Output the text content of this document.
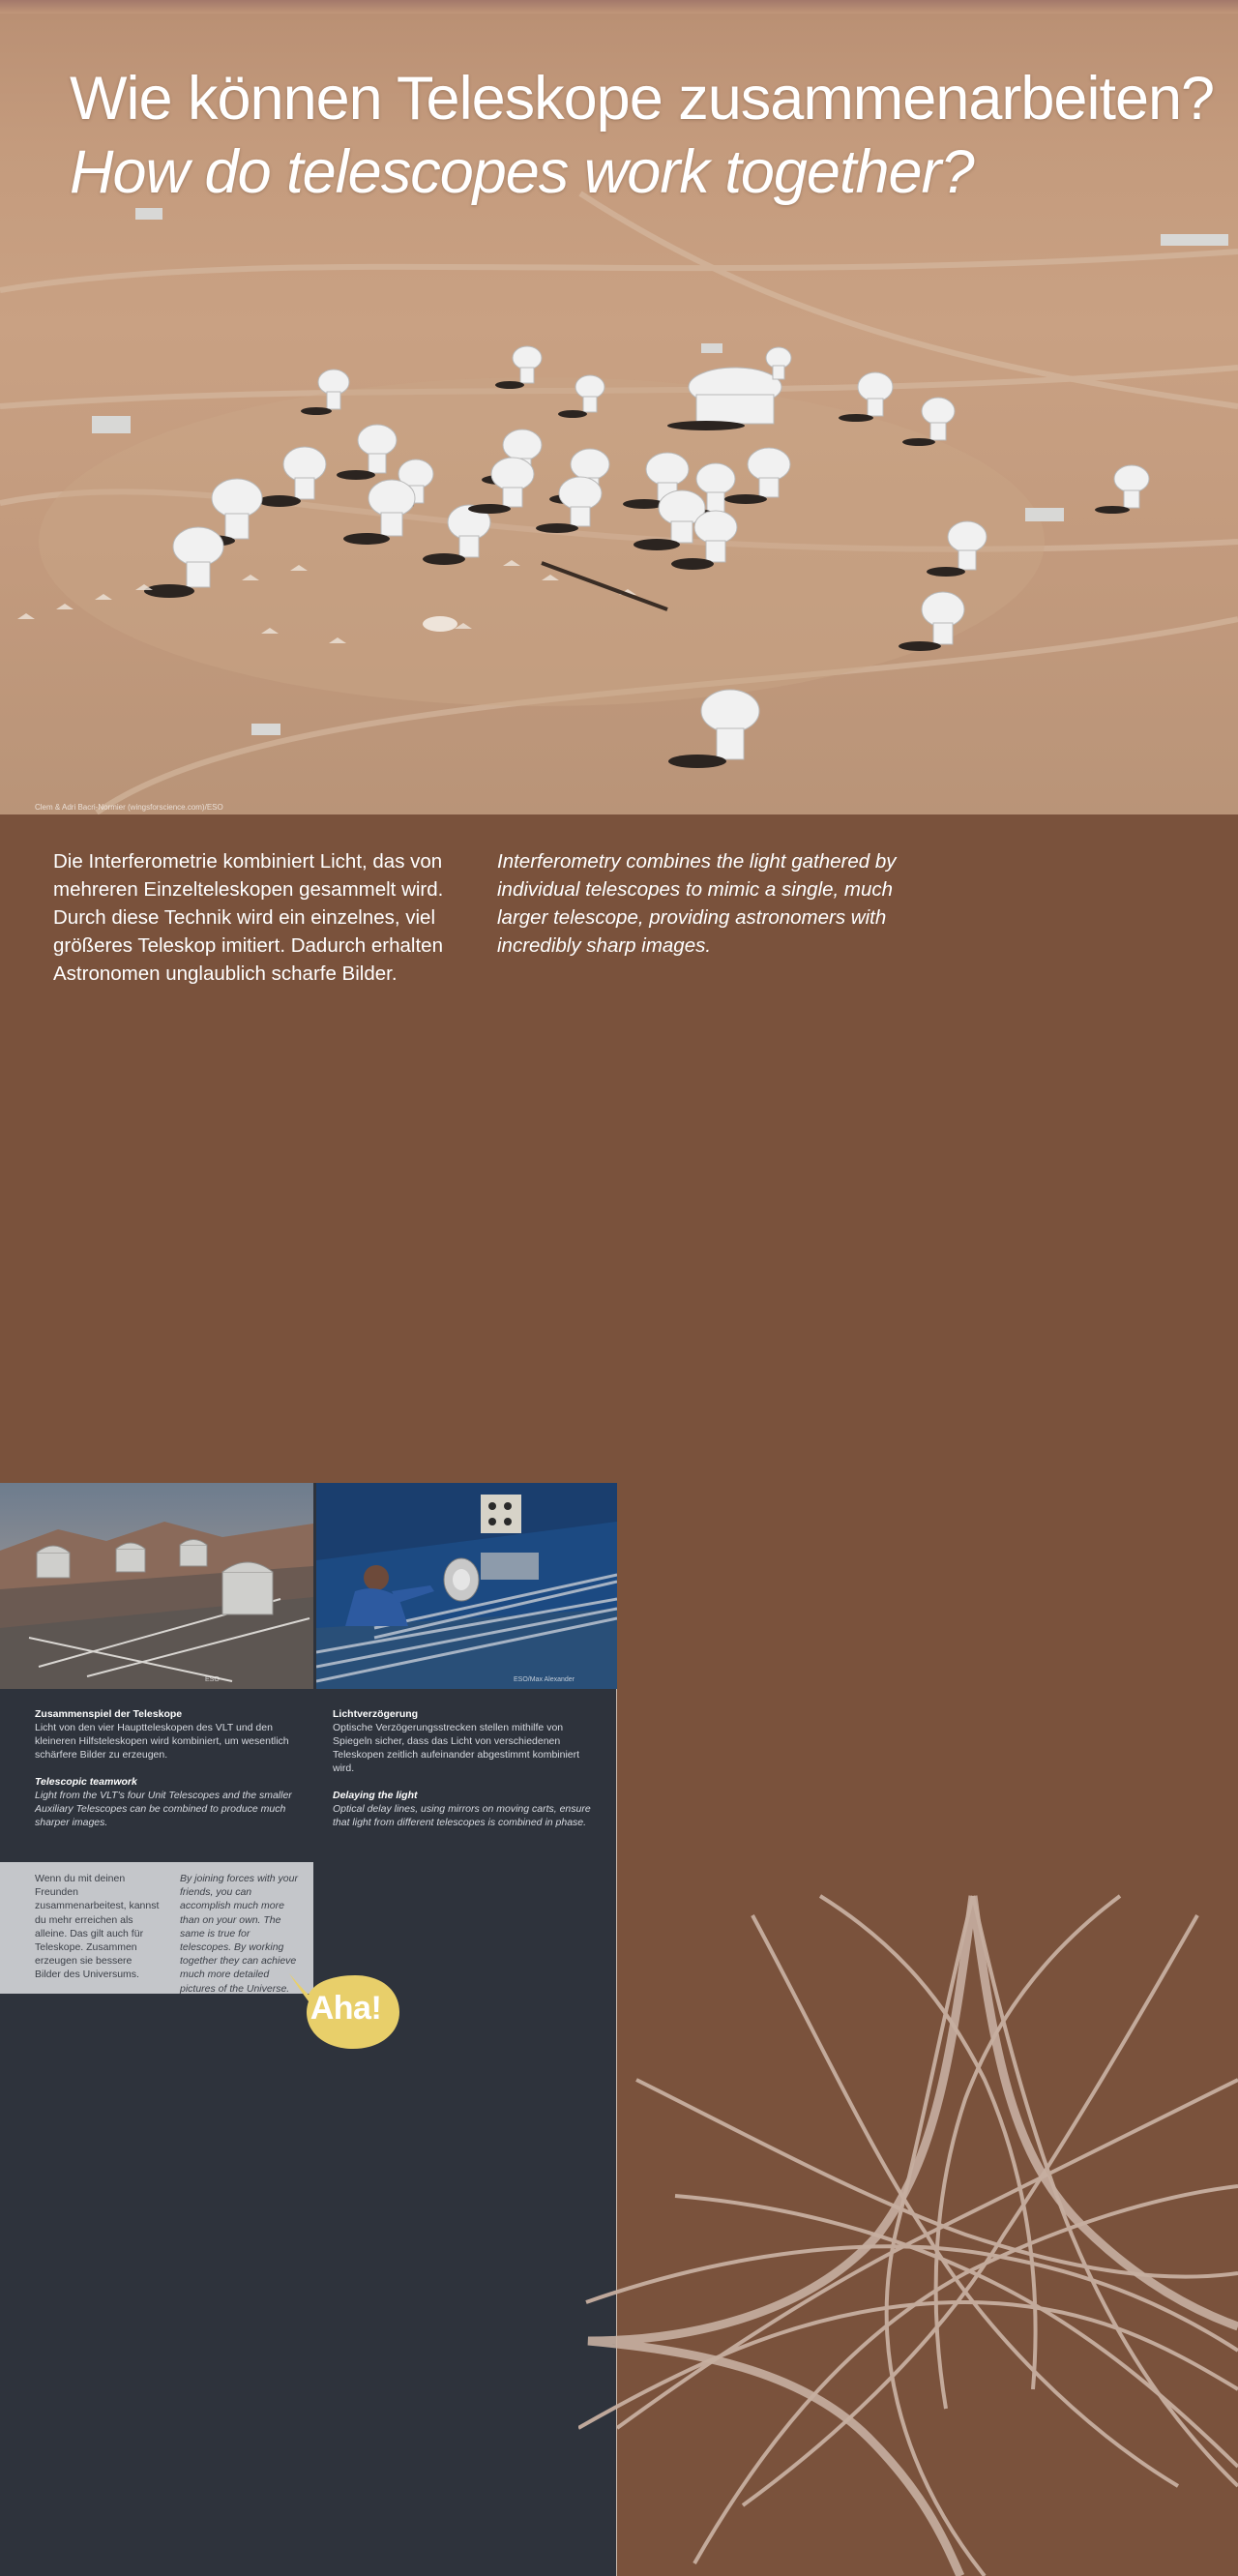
Wie können Teleskope zusammenarbeiten?
How do telescopes work together?
Clem & Adri Bacri-Normier (wingsforscience.com)/ESO
Die Interferometrie kombiniert Licht, das von mehreren Einzelteleskopen gesammelt wird. Durch diese Technik wird ein einzelnes, viel größeres Teleskop imitiert. Dadurch erhalten Astronomen unglaublich scharfe Bilder.
Interferometry combines the light gathered by individual telescopes to mimic a single, much larger telescope, providing astronomers with incredibly sharp images.
ESO	ESO/Max Alexander
Zusammenspiel der Teleskope

Licht von den vier Hauptteleskopen des VLT und den kleineren Hilfsteleskopen wird kombiniert, um wesentlich schärfere Bilder zu erzeugen.

Telescopic teamwork

Light from the VLT's four Unit Telescopes and the smaller Auxiliary Telescopes can be combined to produce much sharper images.

Lichtverzögerung

Optische Verzögerungsstrecken stellen mithilfe von Spiegeln sicher, dass das Licht von verschiedenen Teleskopen zeitlich aufeinander abgestimmt kombiniert wird.

Delaying the light

Optical delay lines, using mirrors on moving carts, ensure that light from different telescopes is combined in phase.

Wenn du mit deinen Freunden zusammenarbeitest, kannst du mehr erreichen als alleine. Das gilt auch für Teleskope. Zusammen erzeugen sie bessere Bilder des Universums.
By joining forces with your friends, you can accomplish much more than on your own. The same is true for telescopes. By working together they can achieve much more detailed pictures of the Universe.
Aha!
